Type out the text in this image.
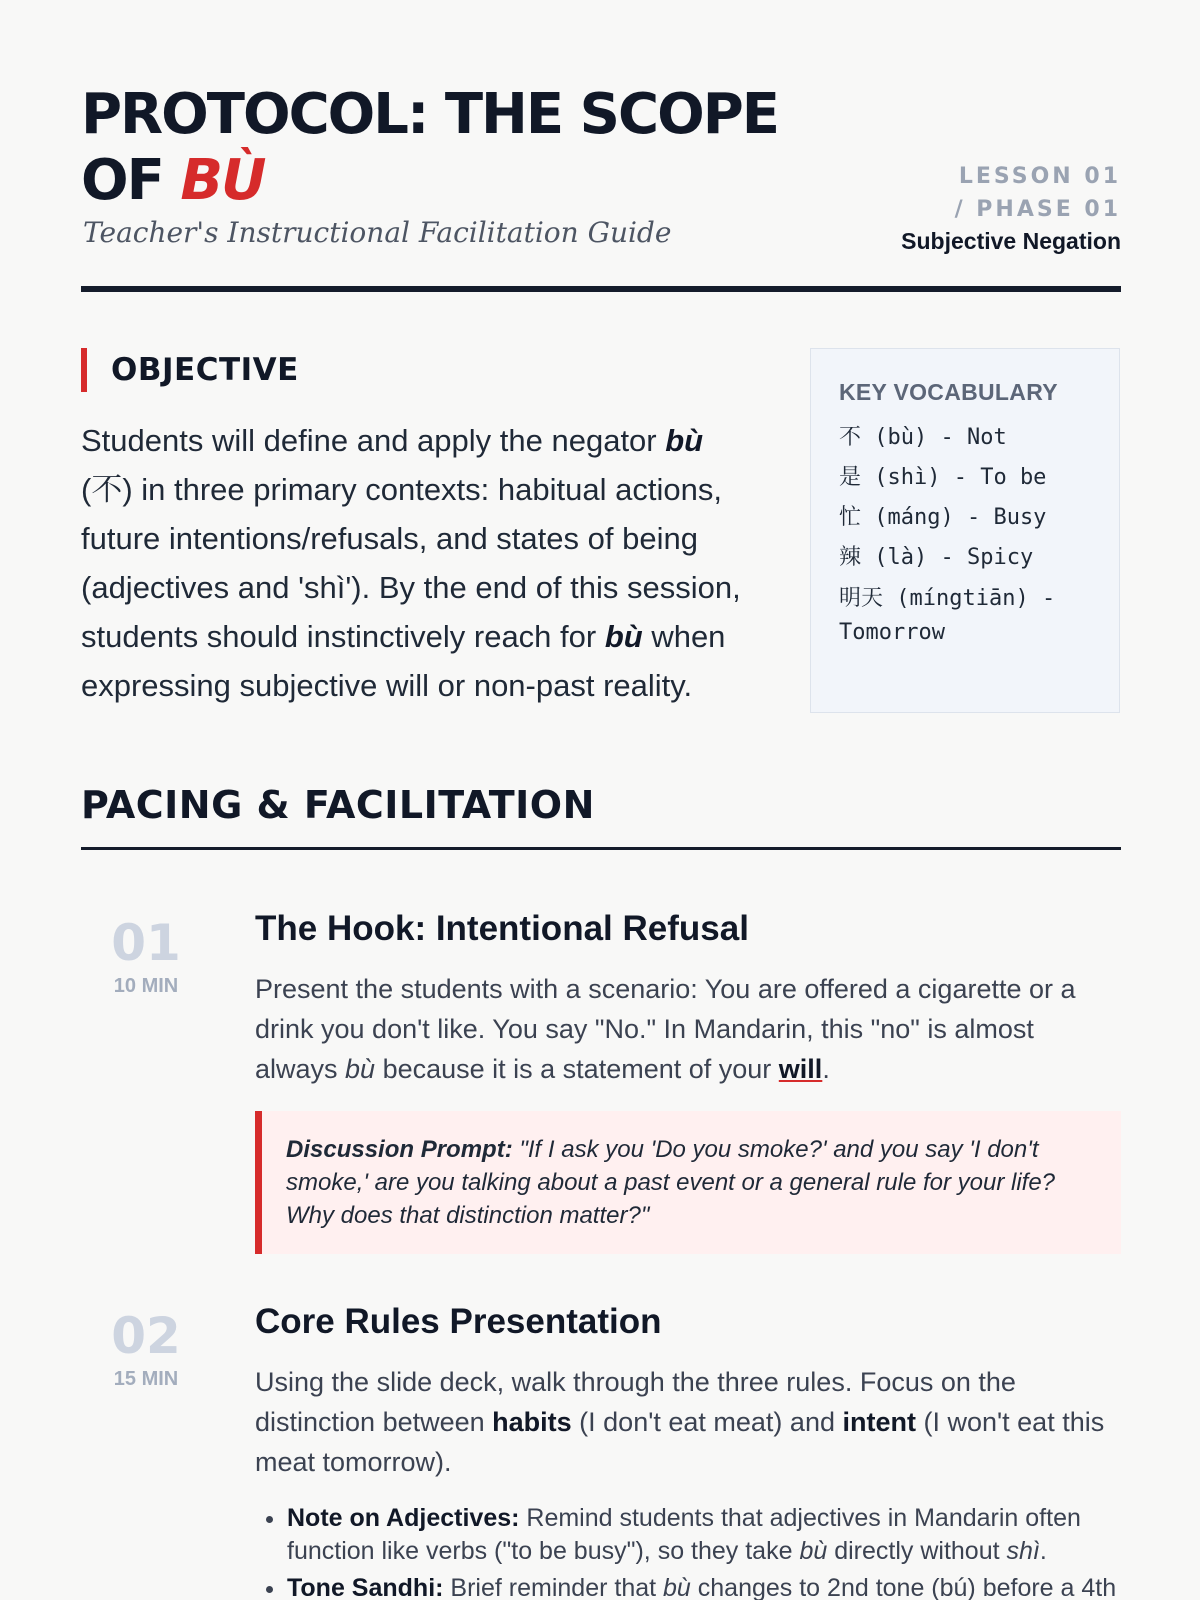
PROTOCOL: THE SCOPE OF BÙ

Teacher's Instructional Facilitation Guide

LESSON 01 / PHASE 01
Subjective Negation
OBJECTIVE

Students will define and apply the negator bù (不) in three primary contexts: habitual actions, future intentions/refusals, and states of being (adjectives and 'shì'). By the end of this session, students should instinctively reach for bù when expressing subjective will or non-past reality.

KEY VOCABULARY
不 (bù) - Not
是 (shì) - To be
忙 (máng) - Busy
辣 (là) - Spicy
明天 (míngtiān) - Tomorrow
PACING & FACILITATION
01
10 MIN
The Hook: Intentional Refusal

Present the students with a scenario: You are offered a cigarette or a drink you don't like. You say "No." In Mandarin, this "no" is almost always bù because it is a statement of your will.

Discussion Prompt: "If I ask you 'Do you smoke?' and you say 'I don't smoke,' are you talking about a past event or a general rule for your life? Why does that distinction matter?"
02
15 MIN
Core Rules Presentation

Using the slide deck, walk through the three rules. Focus on the distinction between habits (I don't eat meat) and intent (I won't eat this meat tomorrow).

• Note on Adjectives: Remind students that adjectives in Mandarin often function like verbs ("to be busy"), so they take bù directly without shì.
• Tone Sandhi: Brief reminder that bù changes to 2nd tone (bú) before a 4th
